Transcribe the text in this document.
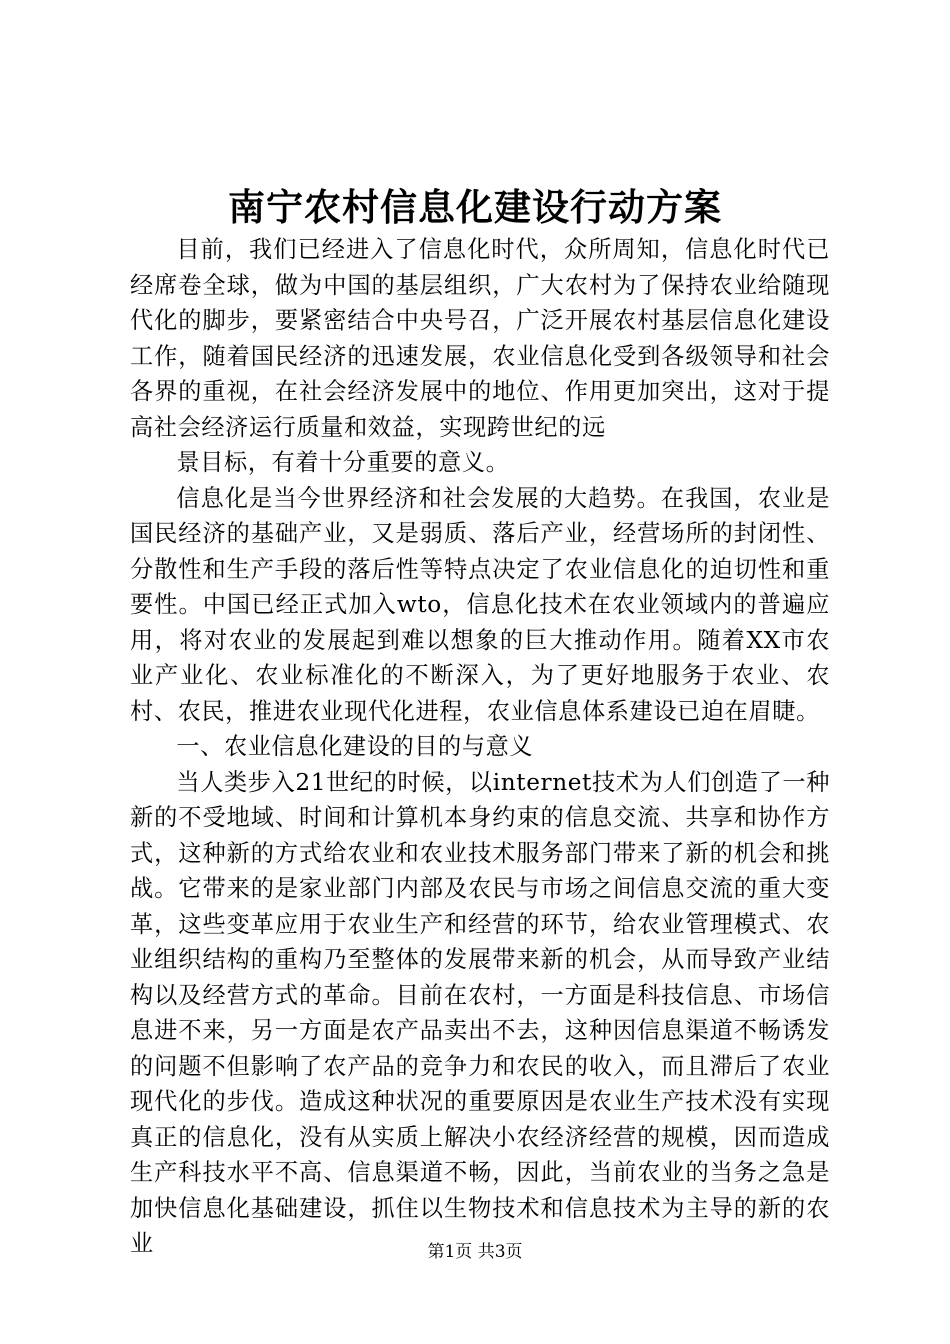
南宁农村信息化建设行动方案

目前，我们已经进入了信息化时代，众所周知，信息化时代已经席卷全球，做为中国的基层组织，广大农村为了保持农业给随现代化的脚步，要紧密结合中央号召，广泛开展农村基层信息化建设工作，随着国民经济的迅速发展，农业信息化受到各级领导和社会各界的重视，在社会经济发展中的地位、作用更加突出，这对于提高社会经济运行质量和效益，实现跨世纪的远

景目标，有着十分重要的意义。

信息化是当今世界经济和社会发展的大趋势。在我国，农业是国民经济的基础产业，又是弱质、落后产业，经营场所的封闭性、分散性和生产手段的落后性等特点决定了农业信息化的迫切性和重要性。中国已经正式加入wto，信息化技术在农业领域内的普遍应用，将对农业的发展起到难以想象的巨大推动作用。随着XX市农业产业化、农业标准化的不断深入，为了更好地服务于农业、农村、农民，推进农业现代化进程，农业信息体系建设已迫在眉睫。

一、农业信息化建设的目的与意义

当人类步入21世纪的时候，以internet技术为人们创造了一种新的不受地域、时间和计算机本身约束的信息交流、共享和协作方式，这种新的方式给农业和农业技术服务部门带来了新的机会和挑战。它带来的是家业部门内部及农民与市场之间信息交流的重大变革，这些变革应用于农业生产和经营的环节，给农业管理模式、农业组织结构的重构乃至整体的发展带来新的机会，从而导致产业结构以及经营方式的革命。目前在农村，一方面是科技信息、市场信息进不来，另一方面是农产品卖出不去，这种因信息渠道不畅诱发的问题不但影响了农产品的竞争力和农民的收入，而且滞后了农业现代化的步伐。造成这种状况的重要原因是农业生产技术没有实现真正的信息化，没有从实质上解决小农经济经营的规模，因而造成生产科技水平不高、信息渠道不畅，因此，当前农业的当务之急是加快信息化基础建设，抓住以生物技术和信息技术为主导的新的农业	第1页 共3页
